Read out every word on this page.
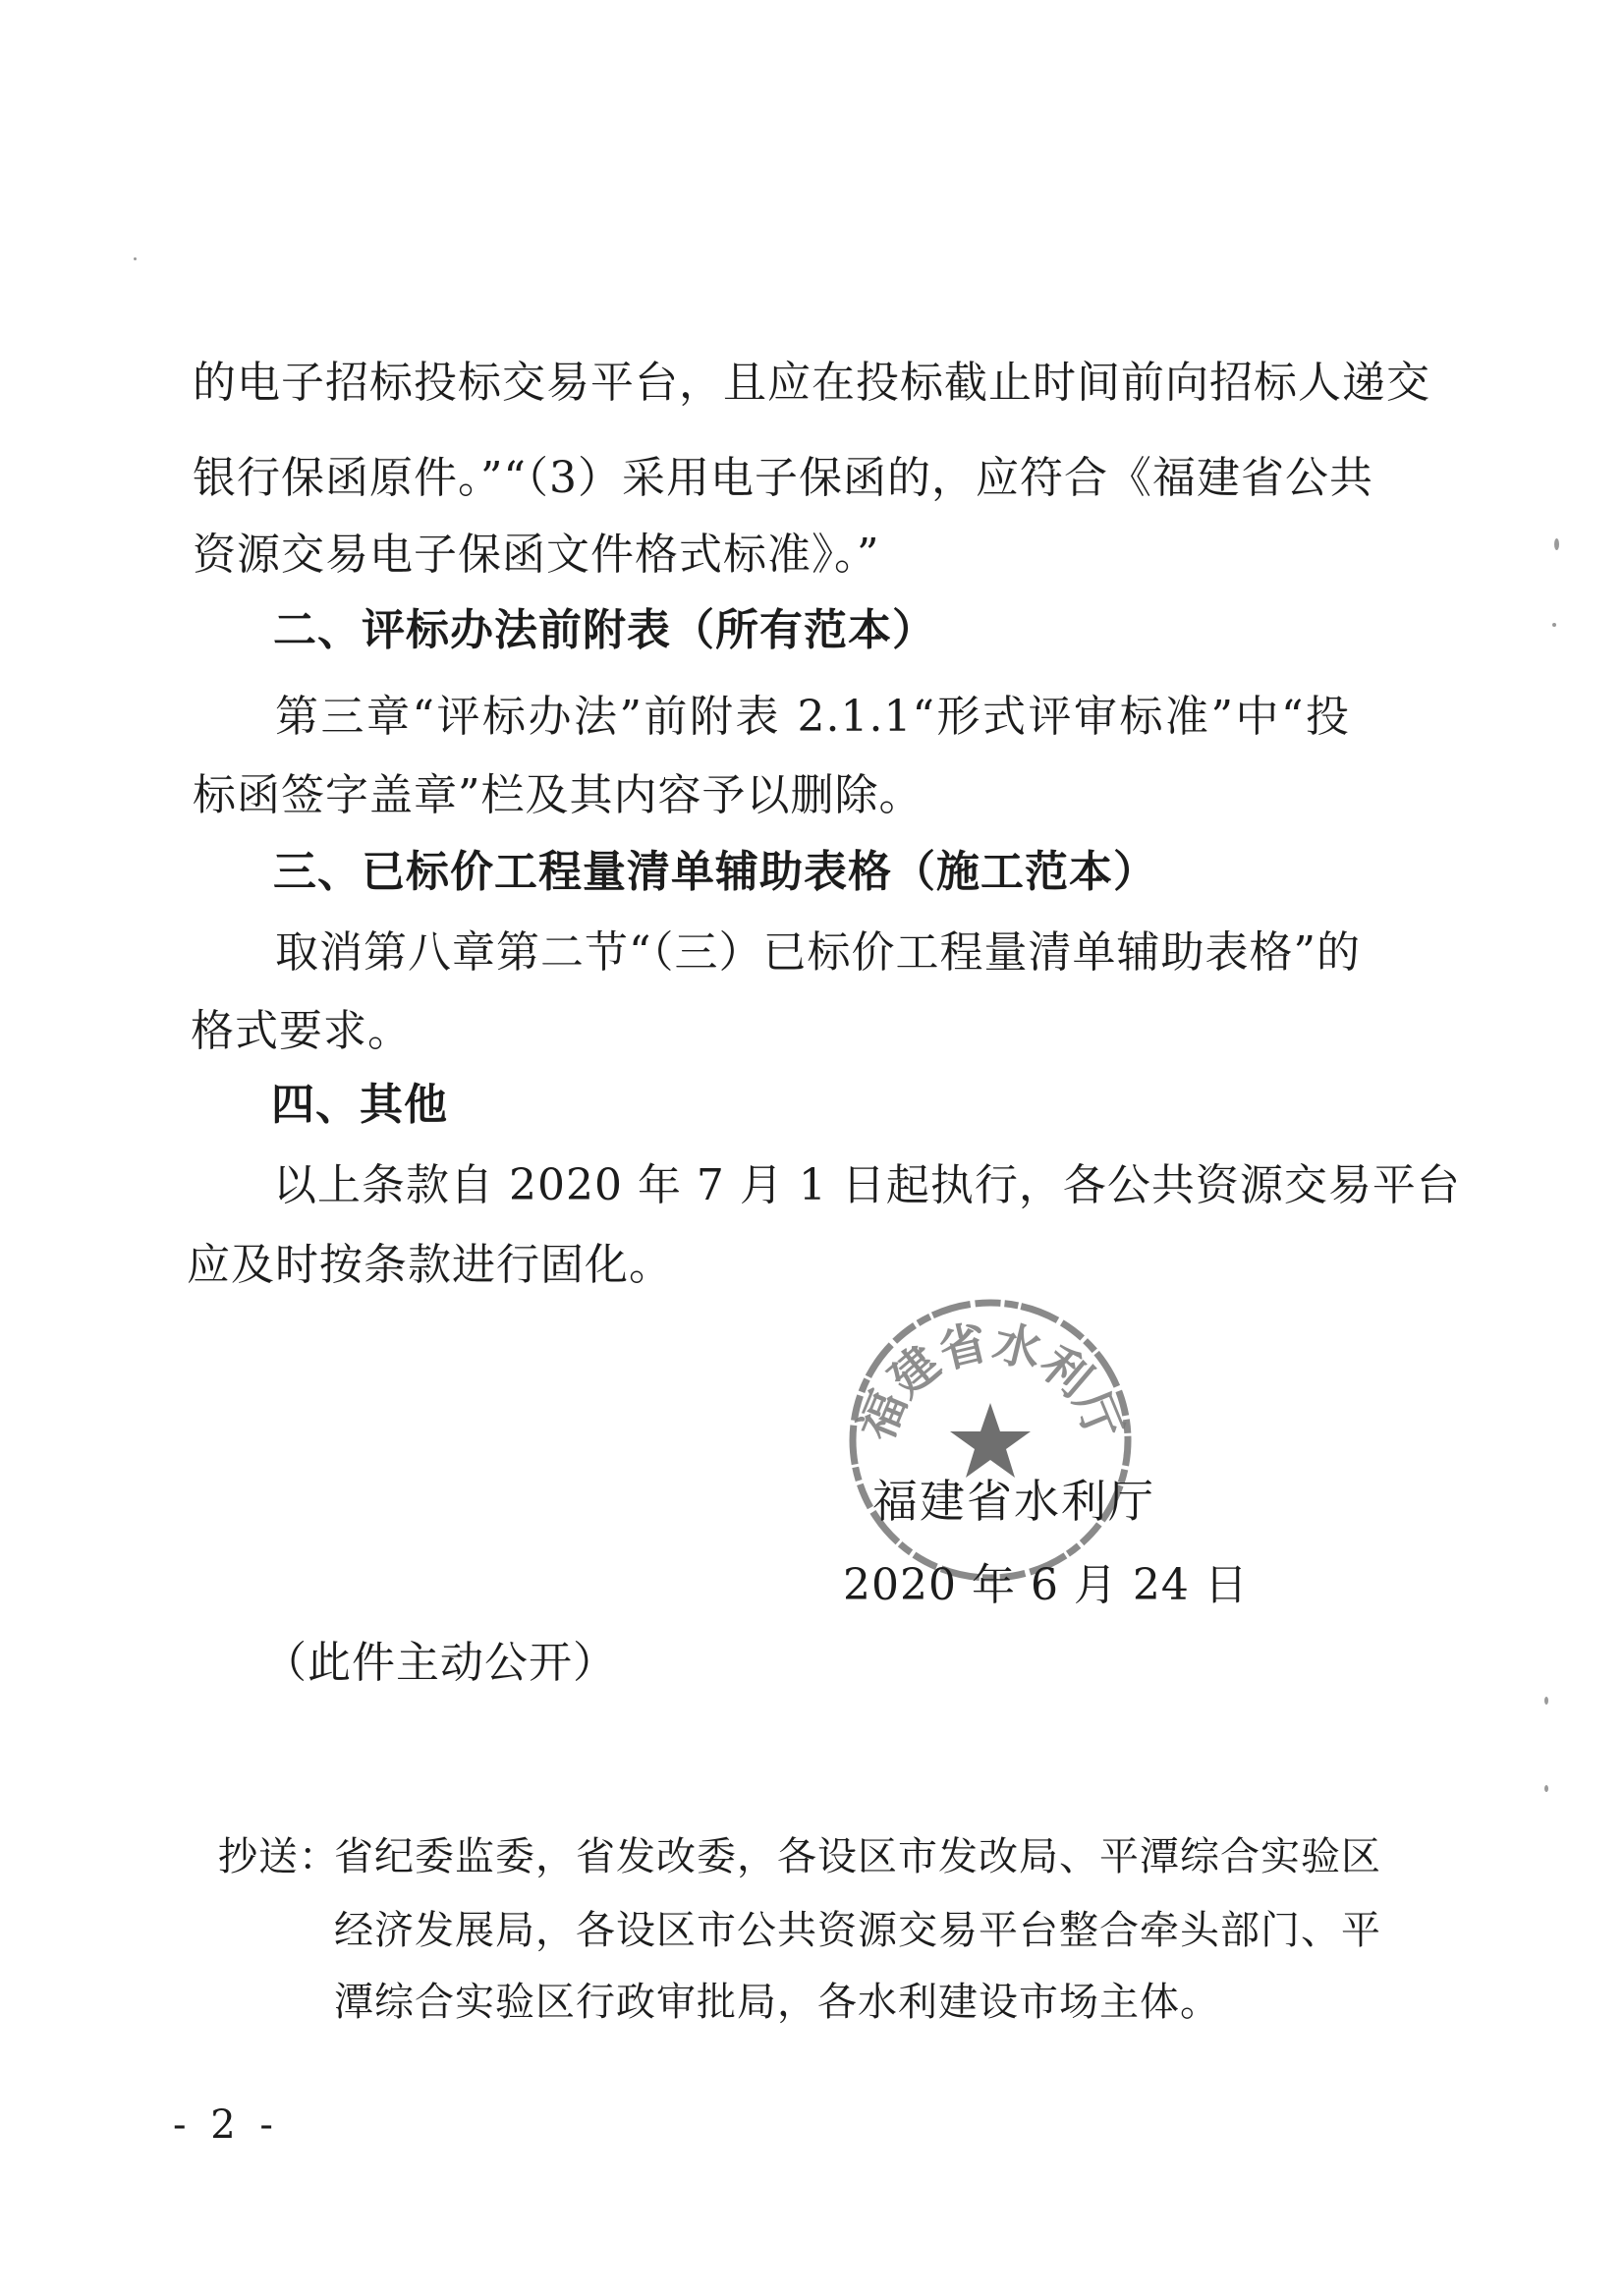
的电子招标投标交易平台，且应在投标截止时间前向招标人递交
银行保函原件。”“（3）采用电子保函的，应符合《福建省公共
资源交易电子保函文件格式标准》。”
二、评标办法前附表（所有范本）
第三章“评标办法”前附表 2.1.1“形式评审标准”中“投
标函签字盖章”栏及其内容予以删除。
三、已标价工程量清单辅助表格（施工范本）
取消第八章第二节“（三）已标价工程量清单辅助表格”的
格式要求。
四、其他
以上条款自 2020 年 7 月 1 日起执行，各公共资源交易平台
应及时按条款进行固化。
福建省水利厅
福建省水利厅
2020 年 6 月 24 日
（此件主动公开）
抄送：
省纪委监委，省发改委，各设区市发改局、平潭综合实验区
经济发展局，各设区市公共资源交易平台整合牵头部门、平
潭综合实验区行政审批局，各水利建设市场主体。
- 2 -
